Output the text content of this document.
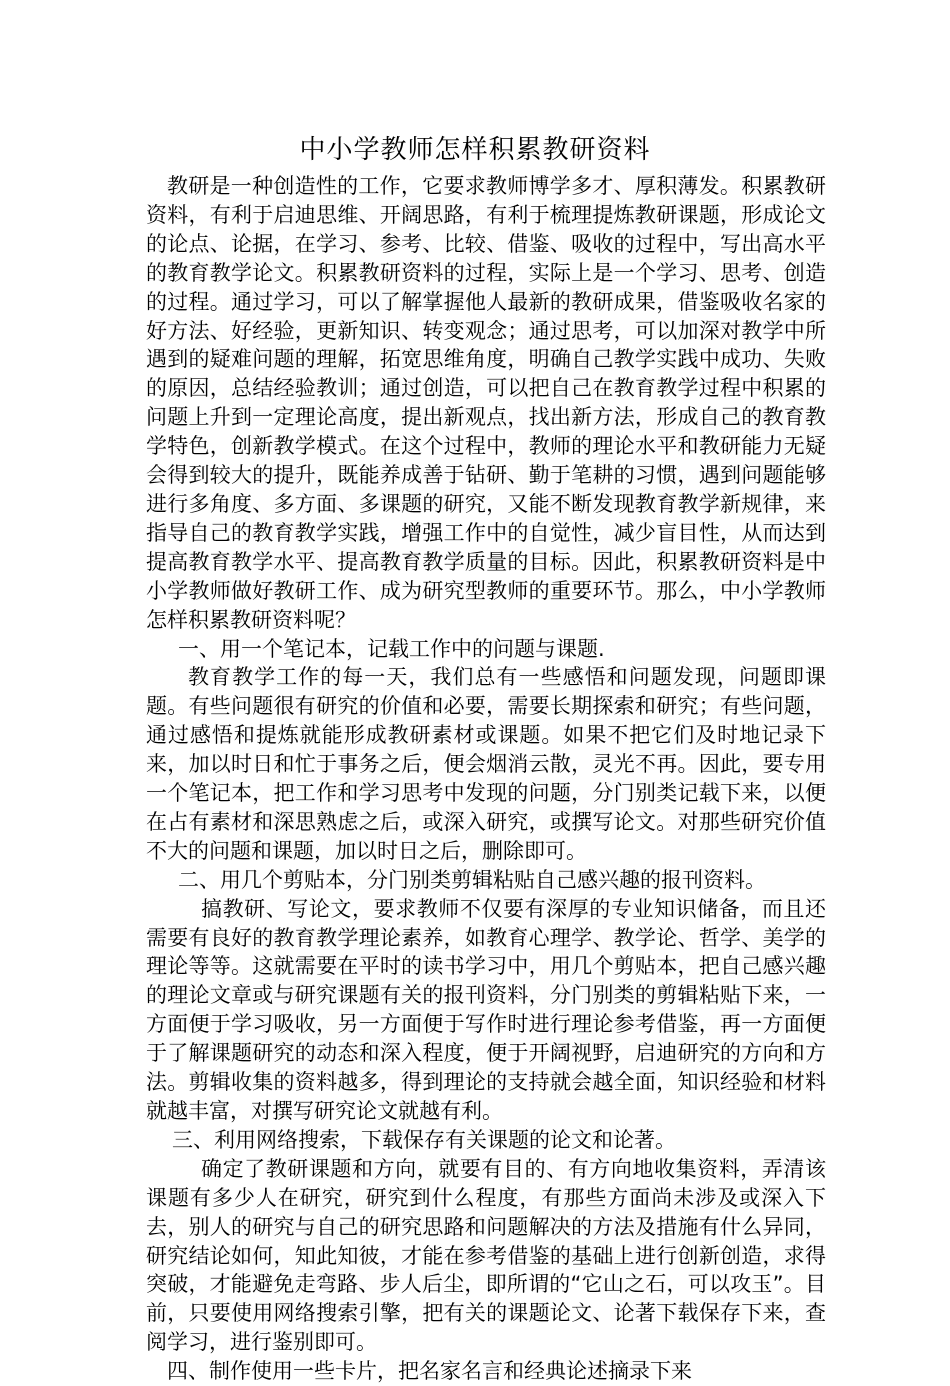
中小学教师怎样积累教研资料

教研是一种创造性的工作，它要求教师博学多才、厚积薄发。积累教研资料，有利于启迪思维、开阔思路，有利于梳理提炼教研课题，形成论文的论点、论据，在学习、参考、比较、借鉴、吸收的过程中，写出高水平的教育教学论文。积累教研资料的过程，实际上是一个学习、思考、创造的过程。通过学习，可以了解掌握他人最新的教研成果，借鉴吸收名家的好方法、好经验，更新知识、转变观念；通过思考，可以加深对教学中所遇到的疑难问题的理解，拓宽思维角度，明确自己教学实践中成功、失败的原因，总结经验教训；通过创造，可以把自己在教育教学过程中积累的问题上升到一定理论高度，提出新观点，找出新方法，形成自己的教育教学特色，创新教学模式。在这个过程中，教师的理论水平和教研能力无疑会得到较大的提升，既能养成善于钻研、勤于笔耕的习惯，遇到问题能够进行多角度、多方面、多课题的研究，又能不断发现教育教学新规律，来指导自己的教育教学实践，增强工作中的自觉性，减少盲目性，从而达到提高教育教学水平、提高教育教学质量的目标。因此，积累教研资料是中小学教师做好教研工作、成为研究型教师的重要环节。那么，中小学教师怎样积累教研资料呢？

一、用一个笔记本，记载工作中的问题与课题.

教育教学工作的每一天，我们总有一些感悟和问题发现，问题即课题。有些问题很有研究的价值和必要，需要长期探索和研究；有些问题，通过感悟和提炼就能形成教研素材或课题。如果不把它们及时地记录下来，加以时日和忙于事务之后，便会烟消云散，灵光不再。因此，要专用一个笔记本，把工作和学习思考中发现的问题，分门别类记载下来，以便在占有素材和深思熟虑之后，或深入研究，或撰写论文。对那些研究价值不大的问题和课题，加以时日之后，删除即可。

二、用几个剪贴本，分门别类剪辑粘贴自己感兴趣的报刊资料。

搞教研、写论文，要求教师不仅要有深厚的专业知识储备，而且还需要有良好的教育教学理论素养，如教育心理学、教学论、哲学、美学的理论等等。这就需要在平时的读书学习中，用几个剪贴本，把自己感兴趣的理论文章或与研究课题有关的报刊资料，分门别类的剪辑粘贴下来，一方面便于学习吸收，另一方面便于写作时进行理论参考借鉴，再一方面便于了解课题研究的动态和深入程度，便于开阔视野，启迪研究的方向和方法。剪辑收集的资料越多，得到理论的支持就会越全面，知识经验和材料就越丰富，对撰写研究论文就越有利。

三、利用网络搜索，下载保存有关课题的论文和论著。

确定了教研课题和方向，就要有目的、有方向地收集资料，弄清该课题有多少人在研究，研究到什么程度，有那些方面尚未涉及或深入下去，别人的研究与自己的研究思路和问题解决的方法及措施有什么异同，研究结论如何，知此知彼，才能在参考借鉴的基础上进行创新创造，求得突破，才能避免走弯路、步人后尘，即所谓的“它山之石，可以攻玉”。目前，只要使用网络搜索引擎，把有关的课题论文、论著下载保存下来，查阅学习，进行鉴别即可。

四、制作使用一些卡片，把名家名言和经典论述摘录下来
